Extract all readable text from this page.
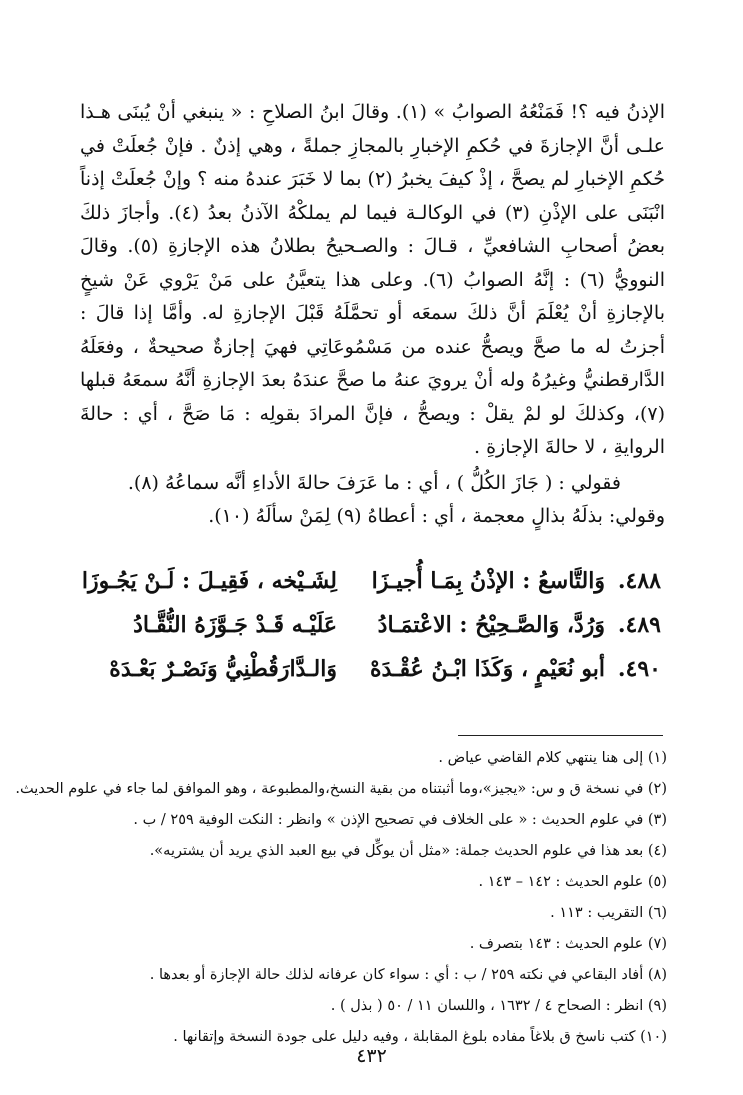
الإذنُ فيه ؟! فَمَنْعُهُ الصوابُ » (١). وقالَ ابنُ الصلاحِ : « ينبغي أنْ يُبنَى هـذا علـى أنَّ الإجازةَ في حُكمِ الإخبارِ بالمجازِ جملةً ، وهي إذنٌ . فإنْ جُعلَتْ في حُكمِ الإخبارِ لم يصحَّ ، إذْ كيفَ يخبرُ (٢) بما لا خَبَرَ عندهُ منه ؟ وإنْ جُعلَتْ إذناً انْبَنَى على الإذْنِ (٣) في الوكالـة فيما لم يملكْهُ الآذنُ بعدُ (٤). وأجازَ ذلكَ بعضُ أصحابِ الشافعيِّ ، قـالَ : والصـحيحُ بطلانُ هذه الإجازةِ (٥). وقالَ النوويُّ (٦) : إنَّهُ الصوابُ (٦). وعلى هذا يتعيَّنُ على مَنْ يَرْوي عَنْ شيخٍ بالإجازةِ أنْ يُعْلَمَ أنَّ ذلكَ سمعَه أو تحمَّلَهُ قَبْلَ الإجازةِ له. وأمَّا إذا قالَ : أجزتُ له ما صحَّ ويصحُّ عنده من مَسْمُوعَاتِي فهيَ إجازةٌ صحيحةٌ ، وفعَلَهُ الدَّارقطنيُّ وغيرُهُ وله أنْ يرويَ عنهُ ما صحَّ عندَهُ بعدَ الإجازةِ أنَّهُ سمعَهُ قبلها (٧)، وكذلكَ لو لمْ يقلْ : ويصحُّ ، فإنَّ المرادَ بقولِه : مَا صَحَّ ، أي : حالةَ الروايةِ ، لا حالةَ الإجازةِ .

فقولي : ( جَازَ الكُلُّ ) ، أي : ما عَرَفَ حالةَ الأداءِ أنَّه سماعُهُ (٨).

وقولي: بذلَهُ بذالٍ معجمة ، أي : أعطاهُ (٩) لِمَنْ سألَهُ (١٠).

٤٨٨.
وَالتَّاسعُ : الإذْنُ بِمَـا أُجيـزَا
لِشَـيْخه ، فَقِيـلَ : لَـنْ يَجُـوزَا
٤٨٩.
وَرُدَّ، وَالصَّـحِيْحُ : الاعْتمَـادُ
عَلَيْـه قَـدْ جَـوَّزَهُ النُّقَّـادُ
٤٩٠.
أبو نُعَيْمٍ ، وَكَذَا ابْـنُ عُقْـدَهْ
وَالـدَّارَقُطْنِيُّ وَنَصْـرٌ بَعْـدَهْ
(١) إلى هنا ينتهي كلام القاضي عياض .
(٢) في نسخة ق و س: «يجيز»،وما أثبتناه من بقية النسخ،والمطبوعة ، وهو الموافق لما جاء في علوم الحديث.
(٣) في علوم الحديث : « على الخلاف في تصحيح الإذن » وانظر : النكت الوفية ٢٥٩ / ب .
(٤) بعد هذا في علوم الحديث جملة: «مثل أن يوكِّل في بيع العبد الذي يريد أن يشتريه».
(٥) علوم الحديث : ١٤٢ – ١٤٣ .
(٦) التقريب : ١١٣ .
(٧) علوم الحديث : ١٤٣ بتصرف .
(٨) أفاد البقاعي في نكته ٢٥٩ / ب : أي : سواء كان عرفانه لذلك حالة الإجازة أو بعدها .
(٩) انظر : الصحاح ٤ / ١٦٣٢ ، واللسان ١١ / ٥٠ ( بذل ) .
(١٠) كتب ناسخ ق بلاغاً مفاده بلوغ المقابلة ، وفيه دليل على جودة النسخة وإتقانها .
٤٣٢
